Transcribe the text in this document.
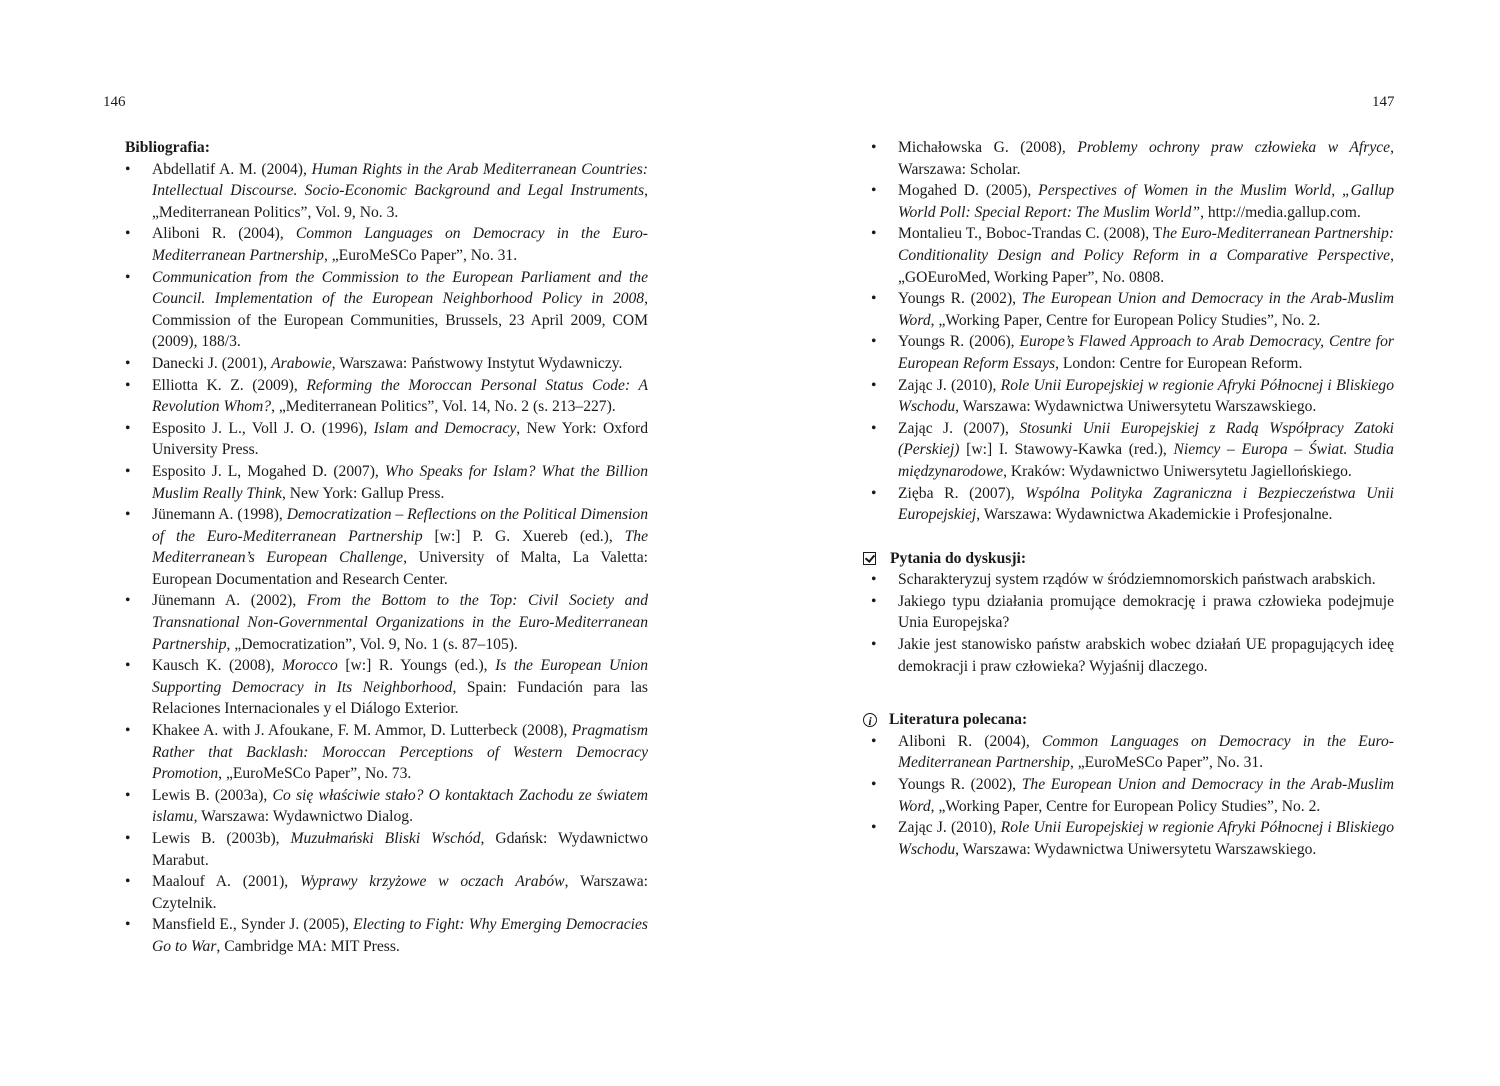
146
Bibliografia:
• Abdellatif A. M. (2004), Human Rights in the Arab Mediterranean Countries: Intellectual Discourse. Socio-Economic Background and Legal Instruments, „Mediterranean Politics”, Vol. 9, No. 3.
• Aliboni R. (2004), Common Languages on Democracy in the Euro-Mediterranean Partnership, „EuroMeSCo Paper”, No. 31.
• Communication from the Commission to the European Parliament and the Council. Implementation of the European Neighborhood Policy in 2008, Commission of the European Communities, Brussels, 23 April 2009, COM (2009), 188/3.
• Danecki J. (2001), Arabowie, Warszawa: Państwowy Instytut Wydawniczy.
• Elliotta K. Z. (2009), Reforming the Moroccan Personal Status Code: A Revolution Whom?, „Mediterranean Politics”, Vol. 14, No. 2 (s. 213–227).
• Esposito J. L., Voll J. O. (1996), Islam and Democracy, New York: Oxford University Press.
• Esposito J. L, Mogahed D. (2007), Who Speaks for Islam? What the Billion Muslim Really Think, New York: Gallup Press.
• Jünemann A. (1998), Democratization – Reflections on the Political Dimension of the Euro-Mediterranean Partnership [w:] P. G. Xuereb (ed.), The Mediterranean’s European Challenge, University of Malta, La Valetta: European Documentation and Research Center.
• Jünemann A. (2002), From the Bottom to the Top: Civil Society and Transnational Non-Governmental Organizations in the Euro-Mediterranean Partnership, „Democratization”, Vol. 9, No. 1 (s. 87–105).
• Kausch K. (2008), Morocco [w:] R. Youngs (ed.), Is the European Union Supporting Democracy in Its Neighborhood, Spain: Fundación para las Relaciones Internacionales y el Diálogo Exterior.
• Khakee A. with J. Afoukane, F. M. Ammor, D. Lutterbeck (2008), Pragmatism Rather that Backlash: Moroccan Perceptions of Western Democracy Promotion, „EuroMeSCo Paper”, No. 73.
• Lewis B. (2003a), Co się właściwie stało? O kontaktach Zachodu ze światem islamu, Warszawa: Wydawnictwo Dialog.
• Lewis B. (2003b), Muzułmański Bliski Wschód, Gdańsk: Wydawnictwo Marabut.
• Maalouf A. (2001), Wyprawy krzyżowe w oczach Arabów, Warszawa: Czytelnik.
• Mansfield E., Synder J. (2005), Electing to Fight: Why Emerging Democracies Go to War, Cambridge MA: MIT Press.
147
• Michałowska G. (2008), Problemy ochrony praw człowieka w Afryce, Warszawa: Scholar.
• Mogahed D. (2005), Perspectives of Women in the Muslim World, „Gallup World Poll: Special Report: The Muslim World”, http://media.gallup.com.
• Montalieu T., Boboc-Trandas C. (2008), The Euro-Mediterranean Partnership: Conditionality Design and Policy Reform in a Comparative Perspective, „GOEuroMed, Working Paper”, No. 0808.
• Youngs R. (2002), The European Union and Democracy in the Arab-Muslim Word, „Working Paper, Centre for European Policy Studies”, No. 2.
• Youngs R. (2006), Europe’s Flawed Approach to Arab Democracy, Centre for European Reform Essays, London: Centre for European Reform.
• Zając J. (2010), Role Unii Europejskiej w regionie Afryki Północnej i Bliskiego Wschodu, Warszawa: Wydawnictwa Uniwersytetu Warszawskiego.
• Zając J. (2007), Stosunki Unii Europejskiej z Radą Współpracy Zatoki (Perskiej) [w:] I. Stawowy-Kawka (red.), Niemcy – Europa – Świat. Studia międzynarodowe, Kraków: Wydawnictwo Uniwersytetu Jagiellońskiego.
• Zięba R. (2007), Wspólna Polityka Zagraniczna i Bezpieczeństwa Unii Europejskiej, Warszawa: Wydawnictwa Akademickie i Profesjonalne.
Pytania do dyskusji:
• Scharakteryzuj system rządów w śródziemnomorskich państwach arabskich.
• Jakiego typu działania promujące demokrację i prawa człowieka podejmuje Unia Europejska?
• Jakie jest stanowisko państw arabskich wobec działań UE propagujących ideę demokracji i praw człowieka? Wyjaśnij dlaczego.
Literatura polecana:
• Aliboni R. (2004), Common Languages on Democracy in the Euro-Mediterranean Partnership, „EuroMeSCo Paper”, No. 31.
• Youngs R. (2002), The European Union and Democracy in the Arab-Muslim Word, „Working Paper, Centre for European Policy Studies”, No. 2.
• Zając J. (2010), Role Unii Europejskiej w regionie Afryki Północnej i Bliskiego Wschodu, Warszawa: Wydawnictwa Uniwersytetu Warszawskiego.
